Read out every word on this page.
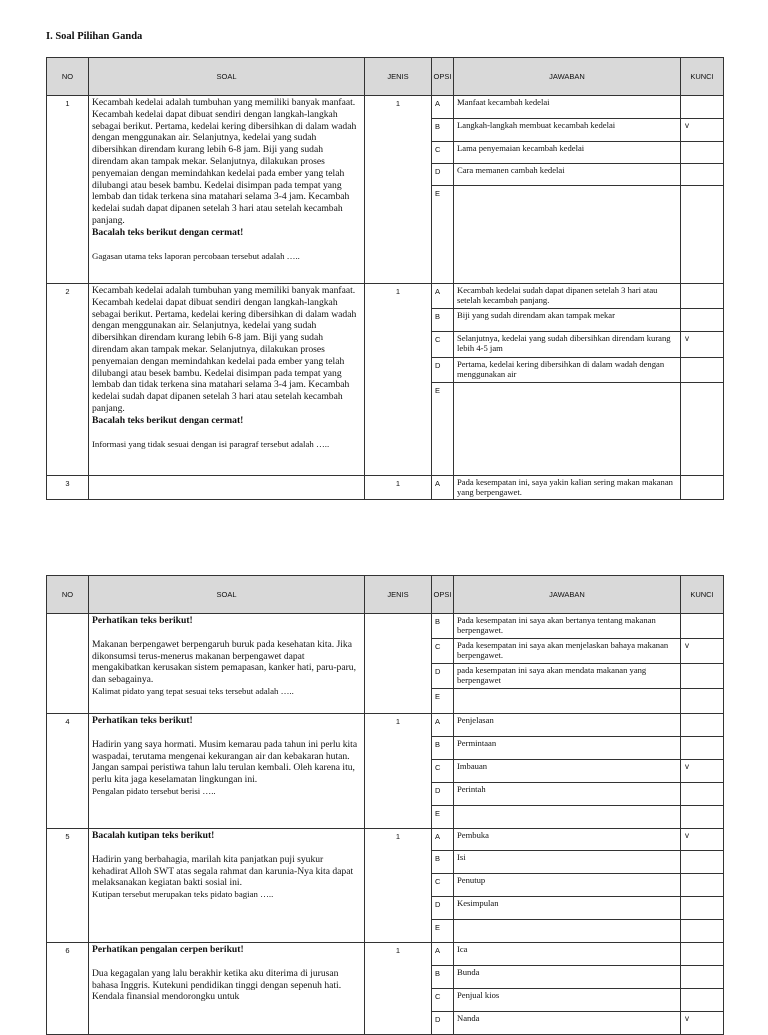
I. Soal Pilihan Ganda
NO	SOAL	JENIS	OPSI	JAWABAN	KUNCI
1	Kecambah kedelai adalah tumbuhan yang memiliki banyak manfaat. Kecambah kedelai dapat dibuat sendiri dengan langkah-langkah sebagai berikut. Pertama, kedelai kering dibersihkan di dalam wadah dengan menggunakan air. Selanjutnya, kedelai yang sudah dibersihkan direndam kurang lebih 6-8 jam. Biji yang sudah direndam akan tampak mekar. Selanjutnya, dilakukan proses penyemaian dengan memindahkan kedelai pada ember yang telah dilubangi atau besek bambu. Kedelai disimpan pada tempat yang lembab dan tidak terkena sina matahari selama 3-4 jam. Kecambah kedelai sudah dapat dipanen setelah 3 hari atau setelah kecambah panjang.
Bacalah teks berikut dengan cermat!
Gagasan utama teks laporan percobaan tersebut adalah …..	1	A	Manfaat kecambah kedelai	
			B	Langkah-langkah membuat kecambah kedelai	v
			C	Lama penyemaian kecambah kedelai	
			D	Cara memanen cambah kedelai	
			E		
2	Kecambah kedelai adalah tumbuhan yang memiliki banyak manfaat. Kecambah kedelai dapat dibuat sendiri dengan langkah-langkah sebagai berikut. Pertama, kedelai kering dibersihkan di dalam wadah dengan menggunakan air. Selanjutnya, kedelai yang sudah dibersihkan direndam kurang lebih 6-8 jam. Biji yang sudah direndam akan tampak mekar. Selanjutnya, dilakukan proses penyemaian dengan memindahkan kedelai pada ember yang telah dilubangi atau besek bambu. Kedelai disimpan pada tempat yang lembab dan tidak terkena sina matahari selama 3-4 jam. Kecambah kedelai sudah dapat dipanen setelah 3 hari atau setelah kecambah panjang.
Bacalah teks berikut dengan cermat!
Informasi yang tidak sesuai dengan isi paragraf tersebut adalah …..	1	A	Kecambah kedelai sudah dapat dipanen setelah 3 hari atau setelah kecambah panjang.	
			B	Biji yang sudah direndam akan tampak mekar	
			C	Selanjutnya, kedelai yang sudah dibersihkan direndam kurang lebih 4-5 jam	v
			D	Pertama, kedelai kering dibersihkan di dalam wadah dengan menggunakan air	
			E		
3		1	A	Pada kesempatan ini, saya yakin kalian sering makan makanan yang berpengawet.	
NO	SOAL	JENIS	OPSI	JAWABAN	KUNCI

	Perhatikan teks berikut!
Makanan berpengawet berpengaruh buruk pada kesehatan kita. Jika dikonsumsi terus-menerus makanan berpengawet dapat mengakibatkan kerusakan sistem pemapasan, kanker hati, paru-paru, dan sebagainya.
Kalimat pidato yang tepat sesuai teks tersebut adalah …..		B	Pada kesempatan ini saya akan bertanya tentang makanan berpengawet.	
			C	Pada kesempatan ini saya akan menjelaskan bahaya makanan berpengawet.	v
			D	pada kesempatan ini saya akan mendata makanan yang berpengawet	
			E		
4	Perhatikan teks berikut!
Hadirin yang saya hormati. Musim kemarau pada tahun ini perlu kita waspadai, terutama mengenai kekurangan air dan kebakaran hutan. Jangan sampai peristiwa tahun lalu terulan kembali. Oleh karena itu, perlu kita jaga keselamatan lingkungan ini.
Pengalan pidato tersebut berisi …..	1	A	Penjelasan	
			B	Permintaan	
			C	Imbauan	v
			D	Perintah	
			E		
5	Bacalah kutipan teks berikut!
Hadirin yang berbahagia, marilah kita panjatkan puji syukur kehadirat Alloh SWT atas segala rahmat dan karunia-Nya kita dapat melaksanakan kegiatan bakti sosial ini.
Kutipan tersebut merupakan teks pidato bagian …..	1	A	Pembuka	v
			B	Isi	
			C	Penutup	
			D	Kesimpulan	
			E		
6	Perhatikan pengalan cerpen berikut!
Dua kegagalan yang lalu berakhir ketika aku diterima di jurusan bahasa Inggris. Kutekuni pendidikan tinggi dengan sepenuh hati. Kendala finansial mendorongku untuk	1	A	Ica	
			B	Bunda	
			C	Penjual kios	
			D	Nanda	v
